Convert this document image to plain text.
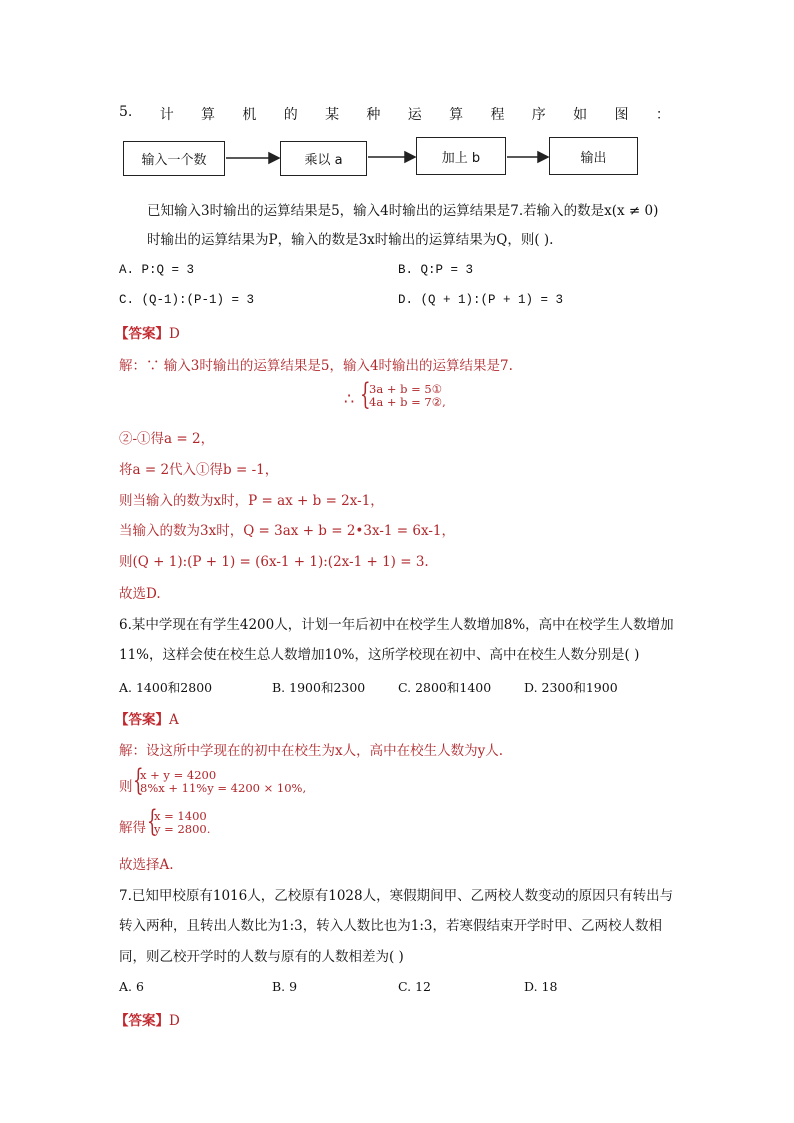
5. 计 算 机 的 某 种 运 算 程 序 如 图 ：
输入一个数	乘以 a	加上 b	输出
已知输入3时输出的运算结果是5，输入4时输出的运算结果是7.若输入的数是x(x ≠ 0)
时输出的运算结果为P，输入的数是3x时输出的运算结果为Q，则( ).
A. P:Q = 3	B. Q:P = 3
C. (Q-1):(P-1) = 3	D. (Q + 1):(P + 1) = 3
【答案】D
解：∵ 输入3时输出的运算结果是5，输入4时输出的运算结果是7.
∴ {
3a + b = 5①
4a + b = 7②,
②-①得a = 2，
将a = 2代入①得b = -1，
则当输入的数为x时，P = ax + b = 2x-1，
当输入的数为3x时，Q = 3ax + b = 2•3x-1 = 6x-1，
则(Q + 1):(P + 1) = (6x-1 + 1):(2x-1 + 1) = 3.
故选D.
6.某中学现在有学生4200人，计划一年后初中在校学生人数增加8%，高中在校学生人数增加
11%，这样会使在校生总人数增加10%，这所学校现在初中、高中在校生人数分别是( )
A. 1400和2800	B. 1900和2300	C. 2800和1400	D. 2300和1900
【答案】A
解：设这所中学现在的初中在校生为x人，高中在校生人数为y人.
则 {
x + y = 4200
8%x + 11%y = 4200 × 10%,
解得 {
x = 1400
y = 2800.
故选择A.
7.已知甲校原有1016人，乙校原有1028人，寒假期间甲、乙两校人数变动的原因只有转出与
转入两种，且转出人数比为1:3，转入人数比也为1:3，若寒假结束开学时甲、乙两校人数相
同，则乙校开学时的人数与原有的人数相差为( )
A. 6	B. 9	C. 12	D. 18
【答案】D
